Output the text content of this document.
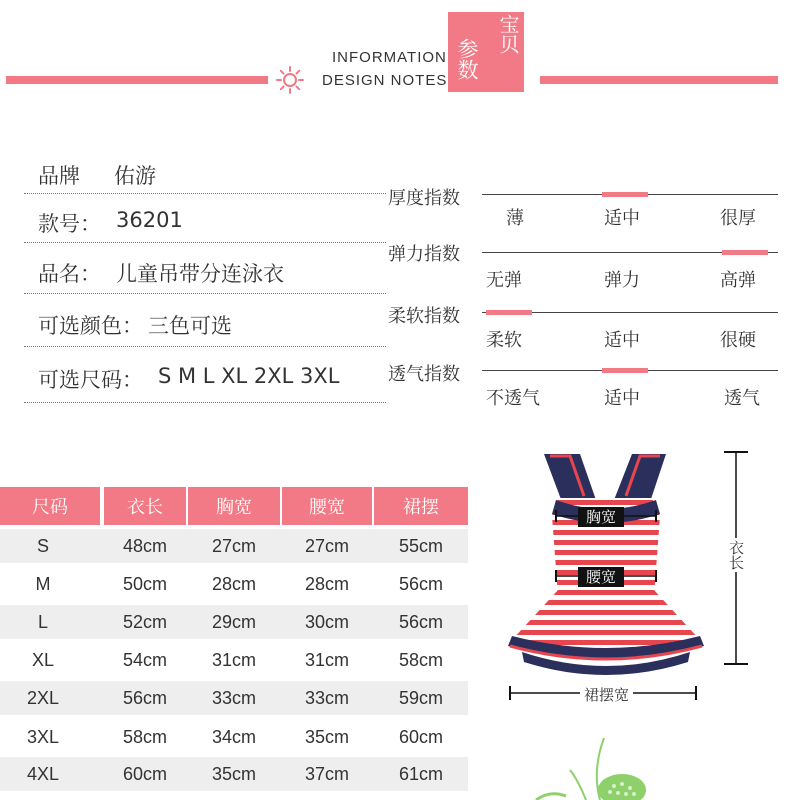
INFORMATION
DESIGN NOTES
宝贝
参数
品牌 佑游
款号： 36201
品名： 儿童吊带分连泳衣
可选颜色： 三色可选
可选尺码： S M L XL 2XL 3XL
厚度指数
薄	适中	很厚
弹力指数
无弹	弹力	高弹
柔软指数
柔软	适中	很硬
透气指数
不透气	适中	透气
尺码	衣长	胸宽	腰宽	裙摆
S	48cm	27cm	27cm	55cm
M	50cm	28cm	28cm	56cm
L	52cm	29cm	30cm	56cm
XL	54cm	31cm	31cm	58cm
2XL	56cm	33cm	33cm	59cm
3XL	58cm	34cm	35cm	60cm
4XL	60cm	35cm	37cm	61cm
胸宽
腰宽
衣长
裙摆宽
